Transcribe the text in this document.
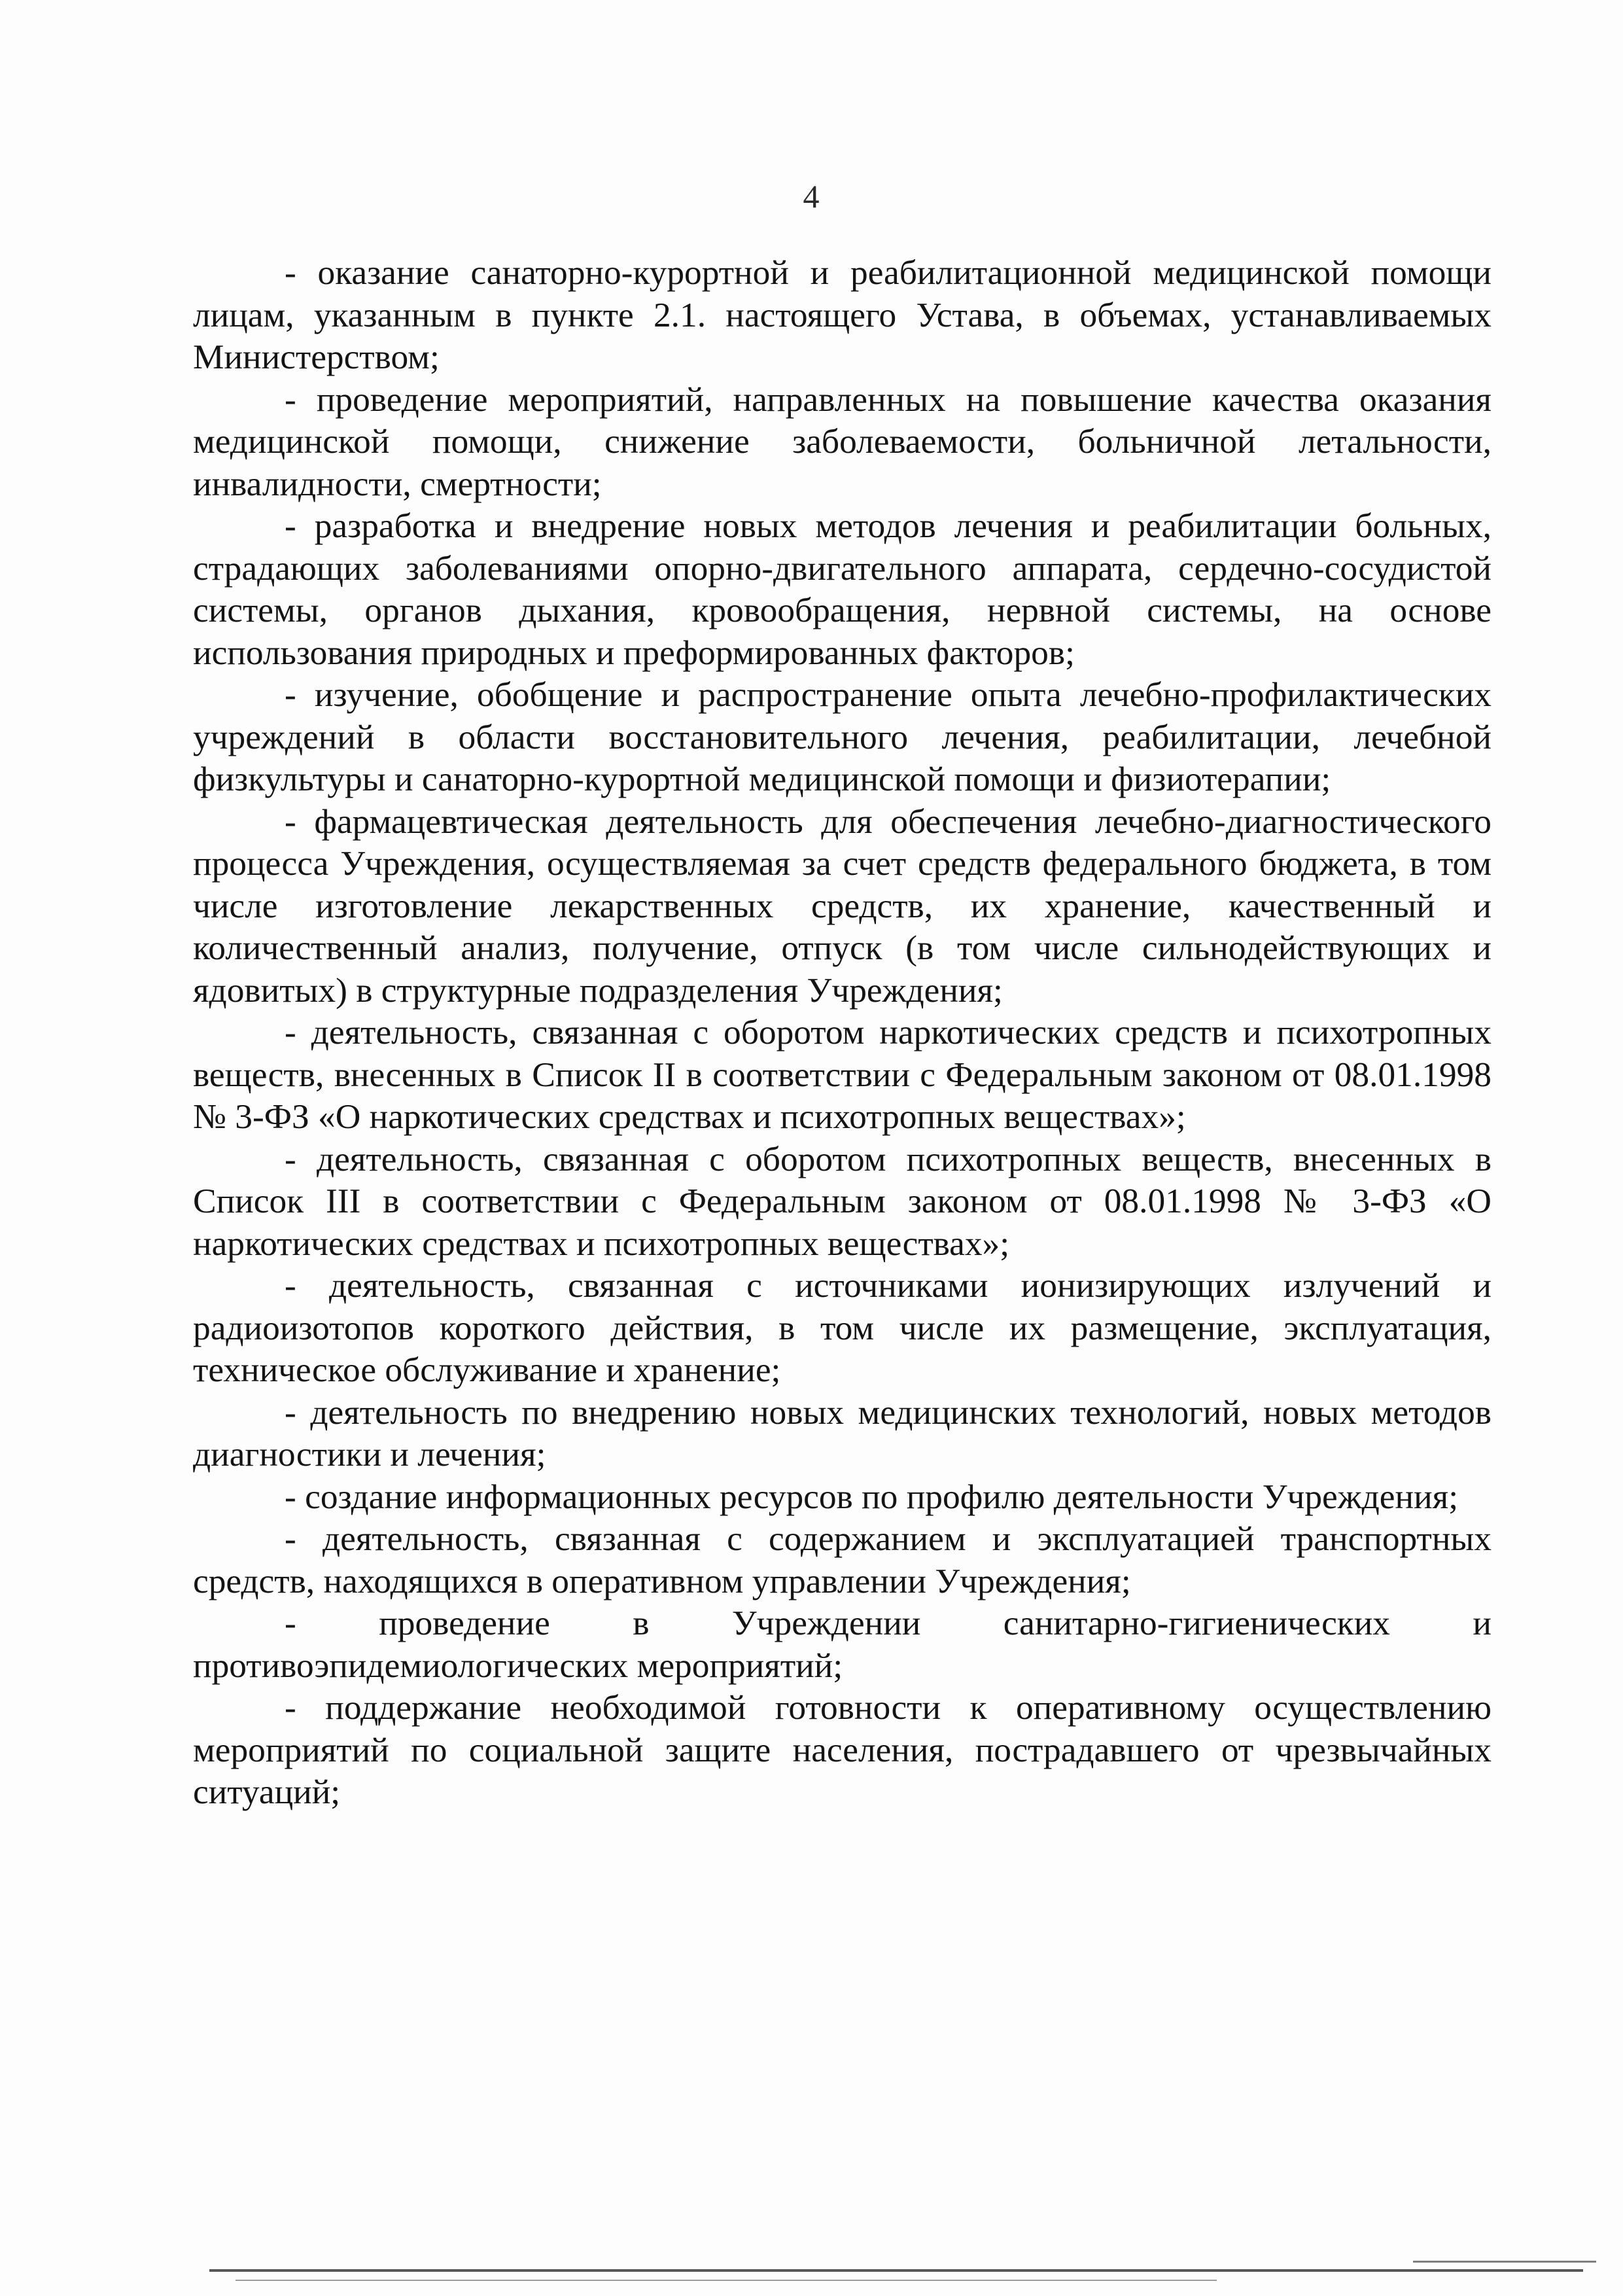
4

- оказание санаторно-курортной и реабилитационной медицинской помощи лицам, указанным в пункте 2.1. настоящего Устава, в объемах, устанавливаемых Министерством;

- проведение мероприятий, направленных на повышение качества оказания медицинской помощи, снижение заболеваемости, больничной летальности, инвалидности, смертности;

- разработка и внедрение новых методов лечения и реабилитации больных, страдающих заболеваниями опорно-двигательного аппарата, сердечно-сосудистой системы, органов дыхания, кровообращения, нервной системы, на основе использования природных и преформированных факторов;

- изучение, обобщение и распространение опыта лечебно-профилактических учреждений в области восстановительного лечения, реабилитации, лечебной физкультуры и санаторно-курортной медицинской помощи и физиотерапии;

- фармацевтическая деятельность для обеспечения лечебно-диагностического процесса Учреждения, осуществляемая за счет средств федерального бюджета, в том числе изготовление лекарственных средств, их хранение, качественный и количественный анализ, получение, отпуск (в том числе сильнодействующих и ядовитых) в структурные подразделения Учреждения;

- деятельность, связанная с оборотом наркотических средств и психотропных веществ, внесенных в Список II в соответствии с Федеральным законом от 08.01.1998 № 3-ФЗ «О наркотических средствах и психотропных веществах»;

- деятельность, связанная с оборотом психотропных веществ, внесенных в Список III в соответствии с Федеральным законом от 08.01.1998 № 3-ФЗ «О наркотических средствах и психотропных веществах»;

- деятельность, связанная с источниками ионизирующих излучений и радиоизотопов короткого действия, в том числе их размещение, эксплуатация, техническое обслуживание и хранение;

- деятельность по внедрению новых медицинских технологий, новых методов диагностики и лечения;

- создание информационных ресурсов по профилю деятельности Учреждения;

- деятельность, связанная с содержанием и эксплуатацией транспортных средств, находящихся в оперативном управлении Учреждения;

- проведение в Учреждении санитарно-гигиенических и противоэпидемиологических мероприятий;

- поддержание необходимой готовности к оперативному осуществлению мероприятий по социальной защите населения, пострадавшего от чрезвычайных ситуаций;
